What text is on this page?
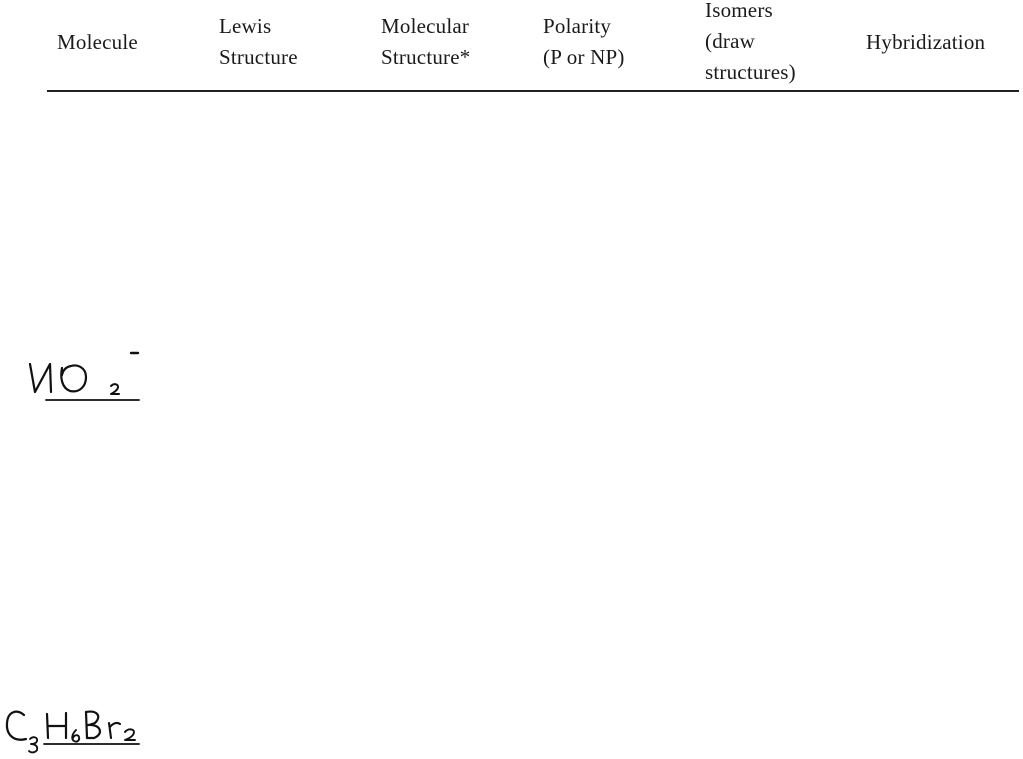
Molecule
Lewis
Structure
Molecular
Structure*
Polarity
(P or NP)
Isomers
(draw
structures)
Hybridization
